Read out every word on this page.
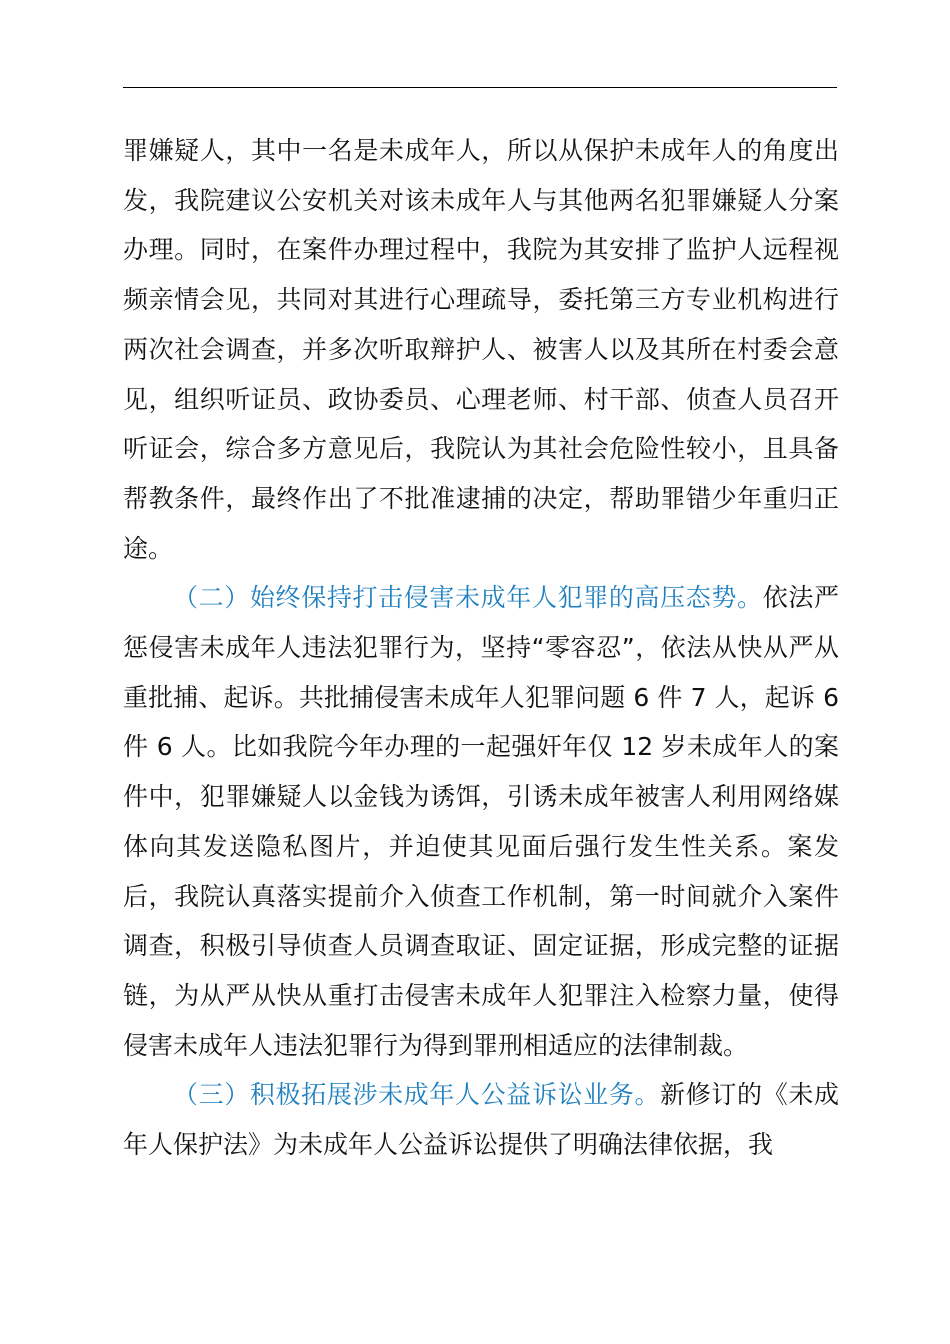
罪嫌疑人，其中一名是未成年人，所以从保护未成年人的角度出发，我院建议公安机关对该未成年人与其他两名犯罪嫌疑人分案办理。同时，在案件办理过程中，我院为其安排了监护人远程视频亲情会见，共同对其进行心理疏导，委托第三方专业机构进行两次社会调查，并多次听取辩护人、被害人以及其所在村委会意见，组织听证员、政协委员、心理老师、村干部、侦查人员召开听证会，综合多方意见后，我院认为其社会危险性较小，且具备帮教条件，最终作出了不批准逮捕的决定，帮助罪错少年重归正途。

（二）始终保持打击侵害未成年人犯罪的高压态势。依法严惩侵害未成年人违法犯罪行为，坚持“零容忍”，依法从快从严从重批捕、起诉。共批捕侵害未成年人犯罪问题 6 件 7 人，起诉 6 件 6 人。比如我院今年办理的一起强奸年仅 12 岁未成年人的案件中，犯罪嫌疑人以金钱为诱饵，引诱未成年被害人利用网络媒体向其发送隐私图片，并迫使其见面后强行发生性关系。案发后，我院认真落实提前介入侦查工作机制，第一时间就介入案件调查，积极引导侦查人员调查取证、固定证据，形成完整的证据链，为从严从快从重打击侵害未成年人犯罪注入检察力量，使得侵害未成年人违法犯罪行为得到罪刑相适应的法律制裁。

（三）积极拓展涉未成年人公益诉讼业务。新修订的《未成年人保护法》为未成年人公益诉讼提供了明确法律依据，我
